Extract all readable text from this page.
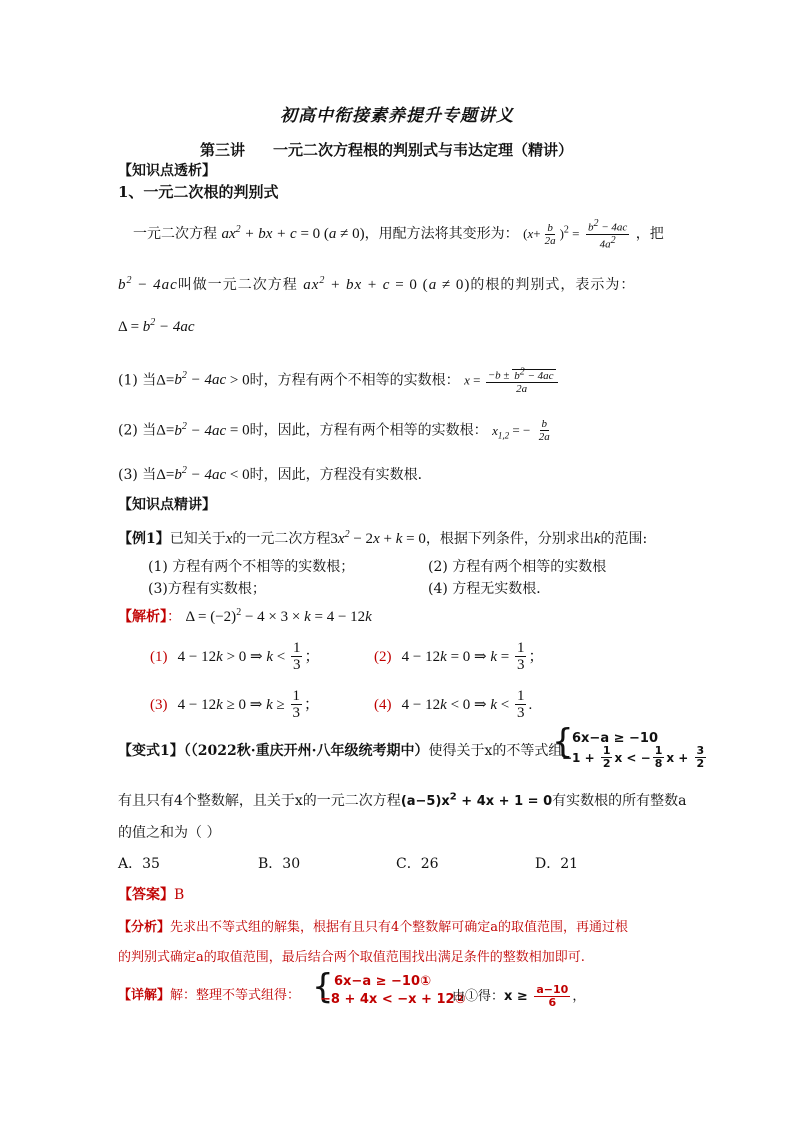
初高中衔接素养提升专题讲义
第三讲 一元二次方程根的判别式与韦达定理（精讲）
【知识点透析】
1、一元二次根的判别式
一元二次方程 $ax^2$ + bx + c = 0 (a ≠ 0)，用配方法将其变形为： $(x+ \frac{b}{2a} )^2 = \frac{b^2 - 4ac}{4a^2}$ ，把
$b^2 - 4ac$叫做一元二次方程 $ax^2$ + bx + c = 0 (a ≠ 0)的根的判别式，表示为：
$\Delta = b^2 - 4ac$
(1) 当$\Delta=b^2 - 4ac > 0$时，方程有两个不相等的实数根： $x = \frac{-b \pm b^2 - 4ac}{2a}$
(2) 当$\Delta=b^2 - 4ac = 0$时，因此，方程有两个相等的实数根： $x_{1,2}$ = − $\frac{b}{2a}$
(3) 当$\Delta=b^2 - 4ac < 0$时，因此，方程没有实数根．
【知识点精讲】
【例1】已知关于x的一元二次方程$3x^2 - 2x + k = 0$，根据下列条件，分别求出k的范围:
(1) 方程有两个不相等的实数根；	(2) 方程有两个相等的实数根
(3)方程有实数根；	(4) 方程无实数根．
【解析】： $\Delta = (-2)^2 - 4 \times 3 \times k = 4 - 12k$
(1) 4 − 12k > 0 ⇒ $k < \frac{1}{3}$ ；	(2) 4 − 12k = 0 ⇒ $k = \frac{1}{3}$ ；
(3) 4 − 12k ≥ 0 ⇒ $k \ge \frac{1}{3}$ ；	(4) 4 − 12k < 0 ⇒ $k < \frac{1}{3}$ .
【变式1】（（2022秋·重庆开州·八年级统考期中）使得关于x的不等式组
{
6x−a ≥ −10
$-1 + \frac{1}{2}$ x < − $\frac{1}{8}$ $x + \frac{3}{2}$
有且只有4个整数解，且关于x的一元二次方程$(a-5)x^2 + 4x + 1 = 0$有实数根的所有整数a
的值之和为（ ）
A．35	B．30	C．26	D．21
【答案】B
【分析】先求出不等式组的解集，根据有且只有4个整数解可确定a的取值范围，再通过根
的判别式确定a的取值范围，最后结合两个取值范围找出满足条件的整数相加即可.
【详解】解：整理不等式组得： { 6x−a ≥ −10①
−8 + 4x < −x + 12②
由①得：$x \ge \frac{a-10}{6}$ ，
